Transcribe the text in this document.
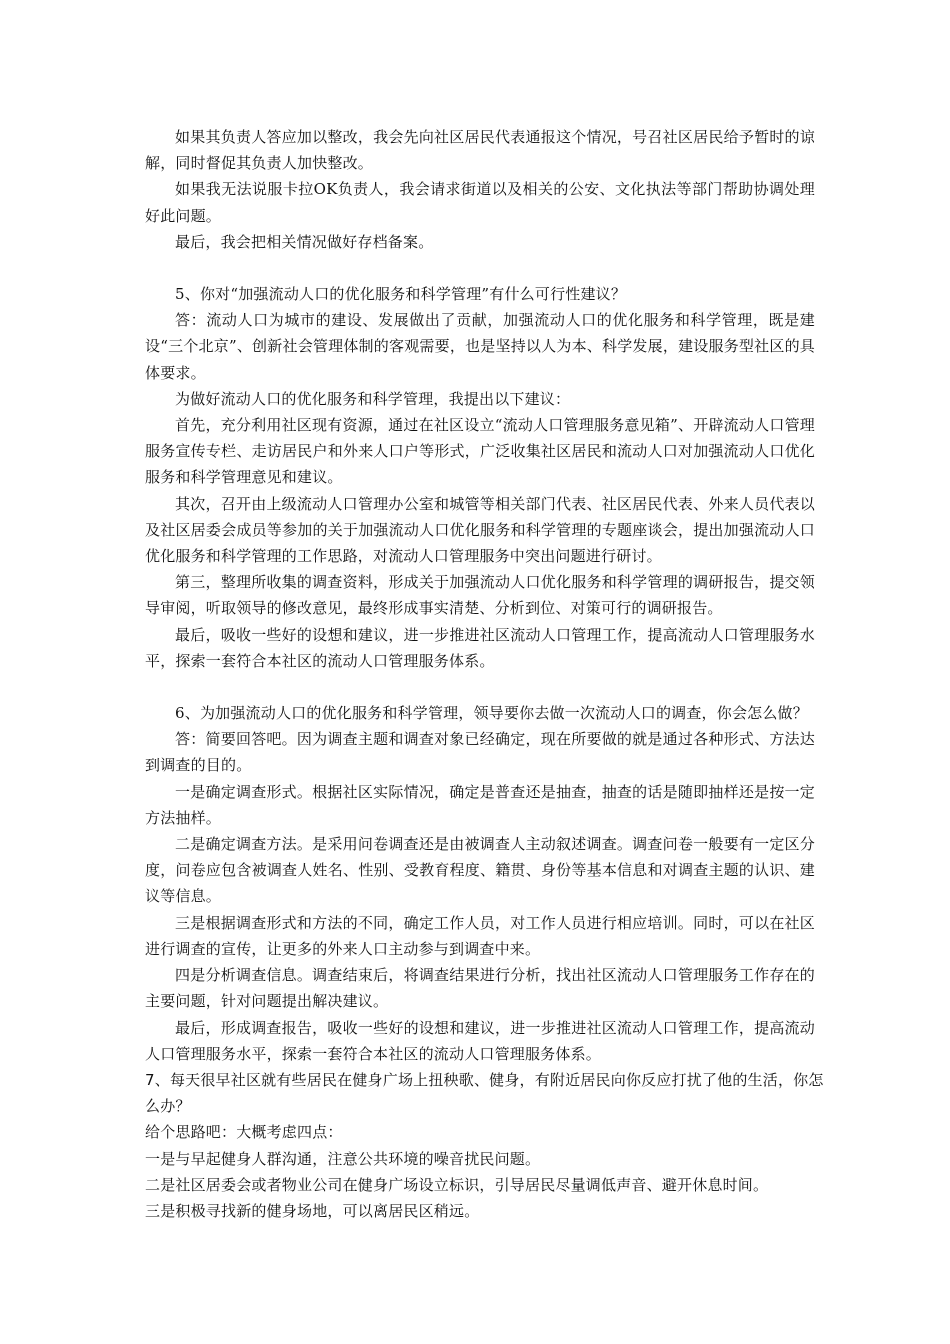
如果其负责人答应加以整改，我会先向社区居民代表通报这个情况，号召社区居民给予暂时的谅解，同时督促其负责人加快整改。

如果我无法说服卡拉OK负责人，我会请求街道以及相关的公安、文化执法等部门帮助协调处理好此问题。

最后，我会把相关情况做好存档备案。

5、你对“加强流动人口的优化服务和科学管理”有什么可行性建议？

答：流动人口为城市的建设、发展做出了贡献，加强流动人口的优化服务和科学管理，既是建设“三个北京”、创新社会管理体制的客观需要，也是坚持以人为本、科学发展，建设服务型社区的具体要求。

为做好流动人口的优化服务和科学管理，我提出以下建议：

首先，充分利用社区现有资源，通过在社区设立“流动人口管理服务意见箱”、开辟流动人口管理服务宣传专栏、走访居民户和外来人口户等形式，广泛收集社区居民和流动人口对加强流动人口优化服务和科学管理意见和建议。

其次，召开由上级流动人口管理办公室和城管等相关部门代表、社区居民代表、外来人员代表以及社区居委会成员等参加的关于加强流动人口优化服务和科学管理的专题座谈会，提出加强流动人口优化服务和科学管理的工作思路，对流动人口管理服务中突出问题进行研讨。

第三，整理所收集的调查资料，形成关于加强流动人口优化服务和科学管理的调研报告，提交领导审阅，听取领导的修改意见，最终形成事实清楚、分析到位、对策可行的调研报告。

最后，吸收一些好的设想和建议，进一步推进社区流动人口管理工作，提高流动人口管理服务水平，探索一套符合本社区的流动人口管理服务体系。

6、为加强流动人口的优化服务和科学管理，领导要你去做一次流动人口的调查，你会怎么做？

答：简要回答吧。因为调查主题和调查对象已经确定，现在所要做的就是通过各种形式、方法达到调查的目的。

一是确定调查形式。根据社区实际情况，确定是普查还是抽查，抽查的话是随即抽样还是按一定方法抽样。

二是确定调查方法。是采用问卷调查还是由被调查人主动叙述调查。调查问卷一般要有一定区分度，问卷应包含被调查人姓名、性别、受教育程度、籍贯、身份等基本信息和对调查主题的认识、建议等信息。

三是根据调查形式和方法的不同，确定工作人员，对工作人员进行相应培训。同时，可以在社区进行调查的宣传，让更多的外来人口主动参与到调查中来。

四是分析调查信息。调查结束后，将调查结果进行分析，找出社区流动人口管理服务工作存在的主要问题，针对问题提出解决建议。

最后，形成调查报告，吸收一些好的设想和建议，进一步推进社区流动人口管理工作，提高流动人口管理服务水平，探索一套符合本社区的流动人口管理服务体系。

7、每天很早社区就有些居民在健身广场上扭秧歌、健身，有附近居民向你反应打扰了他的生活，你怎么办？

给个思路吧：大概考虑四点：

一是与早起健身人群沟通，注意公共环境的噪音扰民问题。

二是社区居委会或者物业公司在健身广场设立标识，引导居民尽量调低声音、避开休息时间。

三是积极寻找新的健身场地，可以离居民区稍远。
